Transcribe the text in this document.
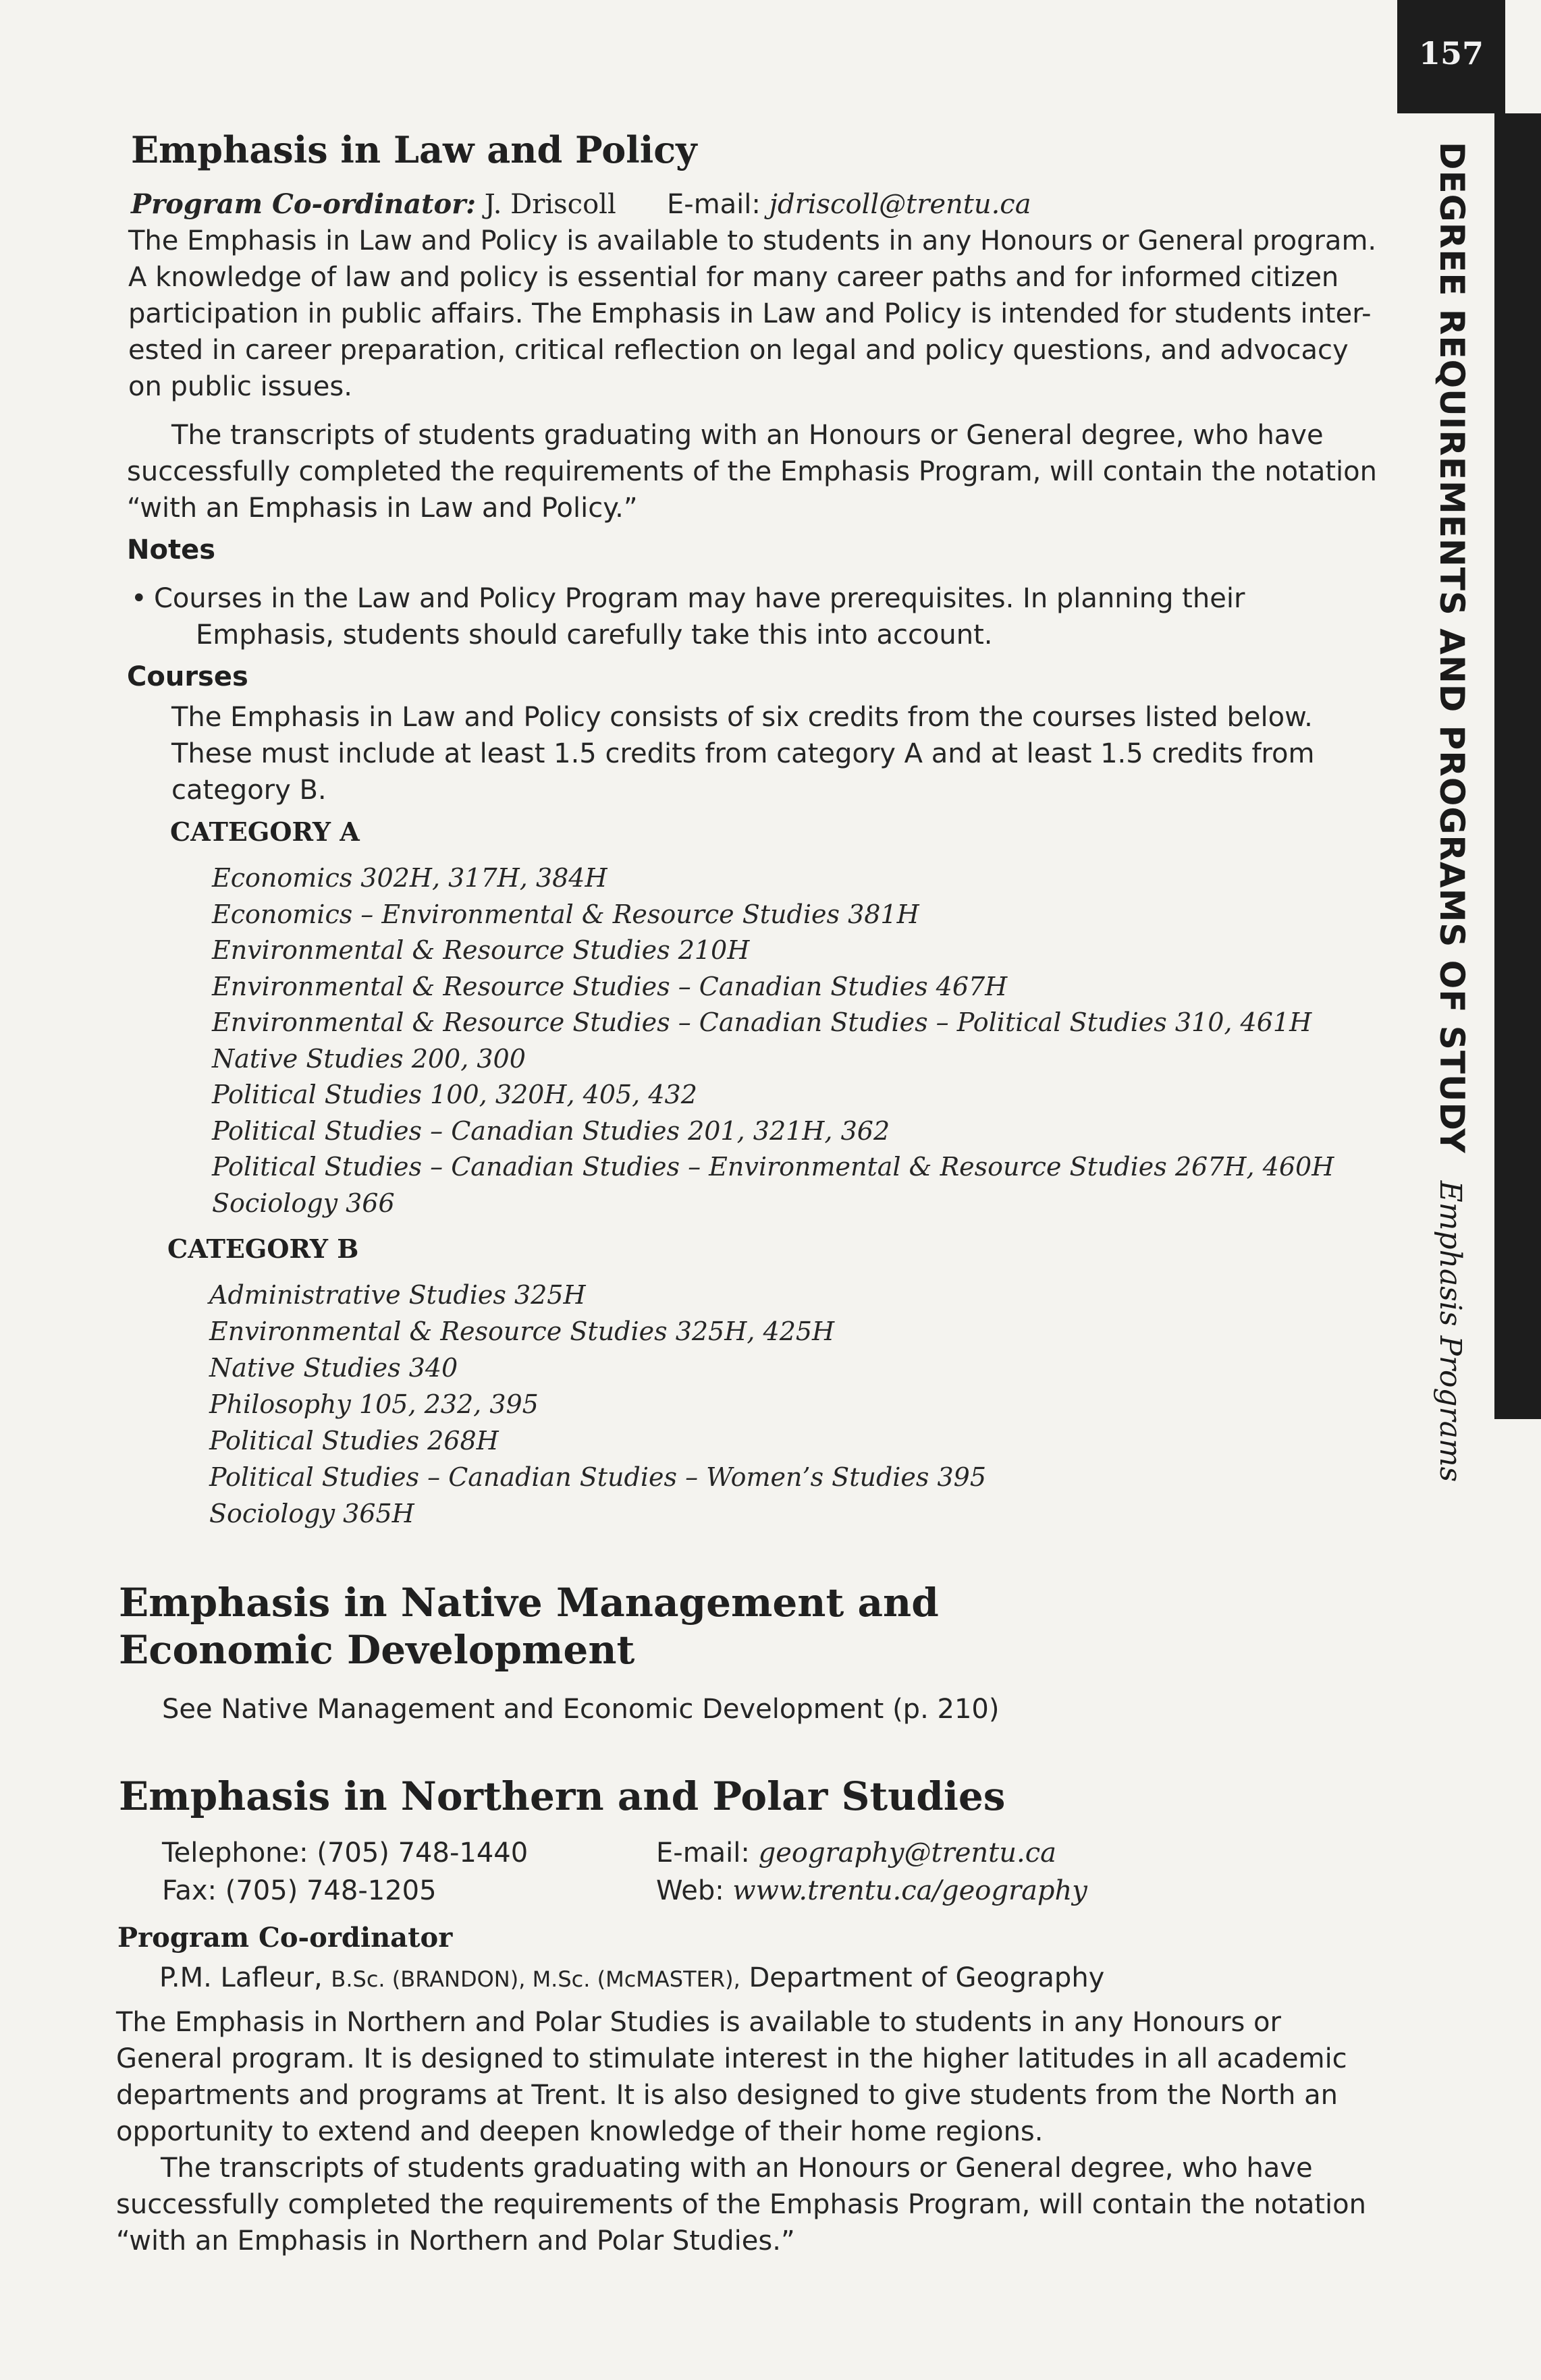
157
DEGREE REQUIREMENTS AND PROGRAMS OF STUDYEmphasis Programs
Emphasis in Law and Policy
Program Co-ordinator: J. Driscoll E-mail: jdriscoll@trentu.ca
The Emphasis in Law and Policy is available to students in any Honours or General program.
A knowledge of law and policy is essential for many career paths and for informed citizen
participation in public affairs. The Emphasis in Law and Policy is intended for students inter-
ested in career preparation, critical reflection on legal and policy questions, and advocacy
on public issues.
The transcripts of students graduating with an Honours or General degree, who have
successfully completed the requirements of the Emphasis Program, will contain the notation
“with an Emphasis in Law and Policy.”
Notes
• Courses in the Law and Policy Program may have prerequisites. In planning their
Emphasis, students should carefully take this into account.
Courses
The Emphasis in Law and Policy consists of six credits from the courses listed below.
These must include at least 1.5 credits from category A and at least 1.5 credits from
category B.
CATEGORY A
Economics 302H, 317H, 384H
Economics – Environmental & Resource Studies 381H
Environmental & Resource Studies 210H
Environmental & Resource Studies – Canadian Studies 467H
Environmental & Resource Studies – Canadian Studies – Political Studies 310, 461H
Native Studies 200, 300
Political Studies 100, 320H, 405, 432
Political Studies – Canadian Studies 201, 321H, 362
Political Studies – Canadian Studies – Environmental & Resource Studies 267H, 460H
Sociology 366
CATEGORY B
Administrative Studies 325H
Environmental & Resource Studies 325H, 425H
Native Studies 340
Philosophy 105, 232, 395
Political Studies 268H
Political Studies – Canadian Studies – Women’s Studies 395
Sociology 365H
Emphasis in Native Management and
Economic Development
See Native Management and Economic Development (p. 210)
Emphasis in Northern and Polar Studies
Telephone: (705) 748-1440
Fax: (705) 748-1205
E-mail: geography@trentu.ca
Web: www.trentu.ca/geography
Program Co-ordinator
P.M. Lafleur, B.Sc. (BRANDON), M.Sc. (McMASTER), Department of Geography
The Emphasis in Northern and Polar Studies is available to students in any Honours or
General program. It is designed to stimulate interest in the higher latitudes in all academic
departments and programs at Trent. It is also designed to give students from the North an
opportunity to extend and deepen knowledge of their home regions.
The transcripts of students graduating with an Honours or General degree, who have
successfully completed the requirements of the Emphasis Program, will contain the notation
“with an Emphasis in Northern and Polar Studies.”
